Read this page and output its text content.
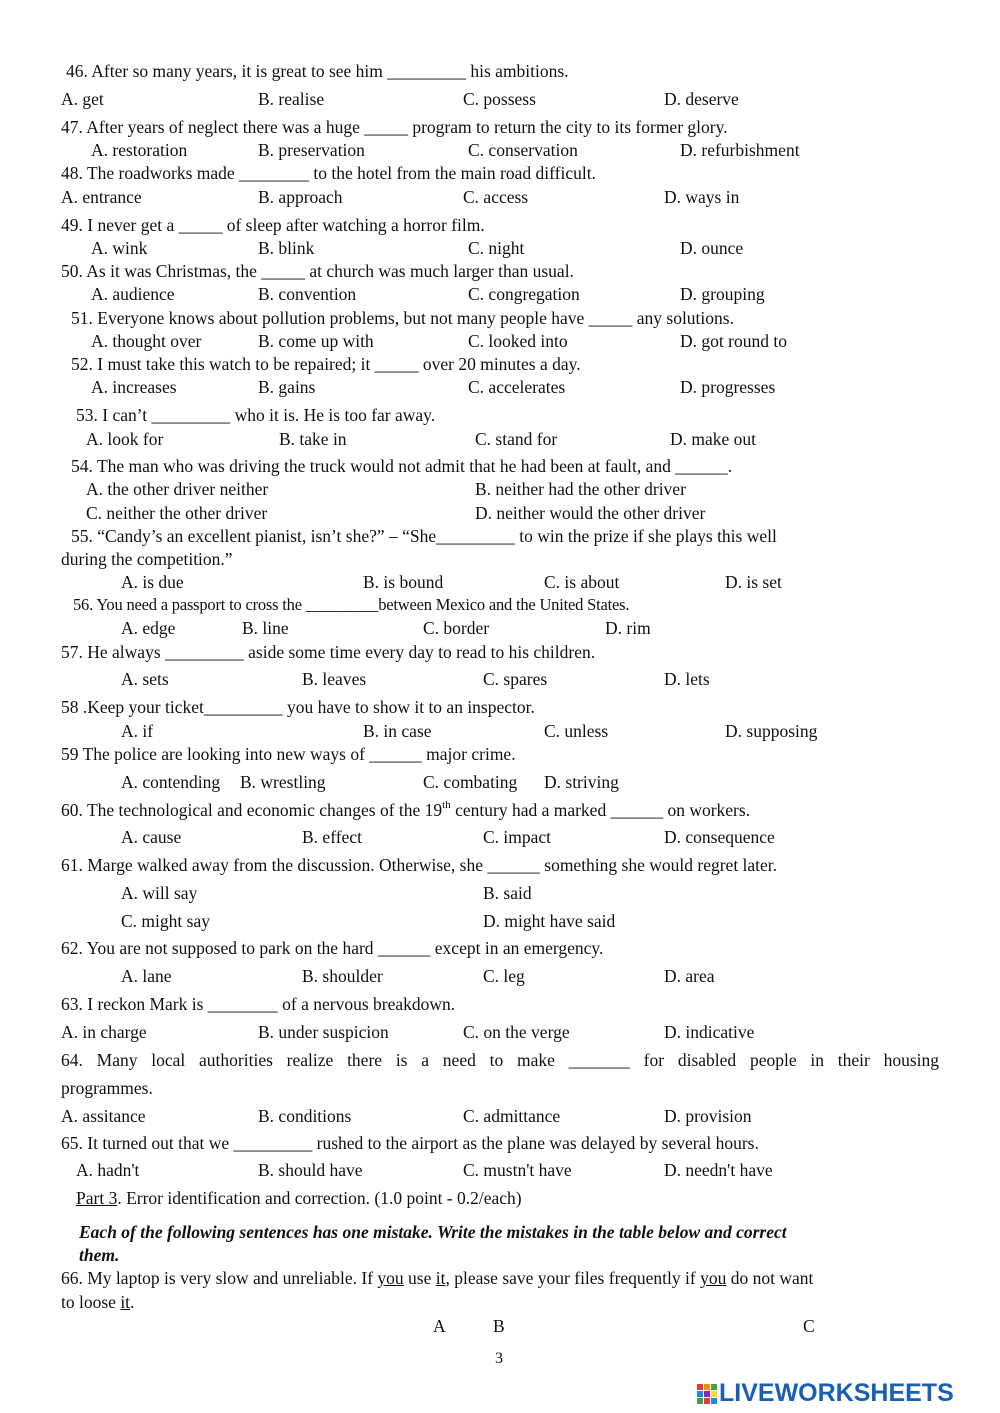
46. After so many years, it is great to see him _________ his ambitions.
A. get	B. realise	C. possess	D. deserve
47. After years of neglect there was a huge _____ program to return the city to its former glory.
A. restoration	B. preservation	C. conservation	D. refurbishment
48. The roadworks made ________ to the hotel from the main road difficult.
A. entrance	B. approach	C. access	D. ways in
49. I never get a _____ of sleep after watching a horror film.
A. wink	B. blink	C. night	D. ounce
50. As it was Christmas, the _____ at church was much larger than usual.
A. audience	B. convention	C. congregation	D. grouping
51. Everyone knows about pollution problems, but not many people have _____ any solutions.
A. thought over	B. come up with	C. looked into	D. got round to
52. I must take this watch to be repaired; it _____ over 20 minutes a day.
A. increases	B. gains	C. accelerates	D. progresses
53. I can’t _________ who it is. He is too far away.
A. look for	B. take in	C. stand for	D. make out
54. The man who was driving the truck would not admit that he had been at fault, and ______.
A. the other driver neither	B. neither had the other driver
C. neither the other driver	D. neither would the other driver
55. “Candy’s an excellent pianist, isn’t she?” – “She_________ to win the prize if she plays this well
during the competition.”
A. is due	B. is bound	C. is about	D. is set
56. You need a passport to cross the _________between Mexico and the United States.
A. edge	B. line	C. border	D. rim
57. He always _________ aside some time every day to read to his children.
A. sets	B. leaves	C. spares	D. lets
58 .Keep your ticket_________ you have to show it to an inspector.
A. if	B. in case	C. unless	D. supposing
59 The police are looking into new ways of ______ major crime.
A. contending B. wrestling	C. combating D. striving
60. The technological and economic changes of the 19th century had a marked ______ on workers.
A. cause	B. effect	C. impact	D. consequence
61. Marge walked away from the discussion. Otherwise, she ______ something she would regret later.
A. will say	B. said
C. might say	D. might have said
62. You are not supposed to park on the hard ______ except in an emergency.
A. lane	B. shoulder	C. leg	D. area
63. I reckon Mark is ________ of a nervous breakdown.
A. in charge	B. under suspicion	C. on the verge	D. indicative
64. Many local authorities realize there is a need to make _______ for disabled people in their housing
programmes.
A. assitance	B. conditions	C. admittance	D. provision
65. It turned out that we _________ rushed to the airport as the plane was delayed by several hours.
A. hadn't	B. should have	C. mustn't have	D. needn't have
Part 3. Error identification and correction. (1.0 point - 0.2/each)
Each of the following sentences has one mistake. Write the mistakes in the table below and correct
them.
66. My laptop is very slow and unreliable. If you use it, please save your files frequently if you do not want
to loose it.
A	B	C
3
LIVEWORKSHEETS
